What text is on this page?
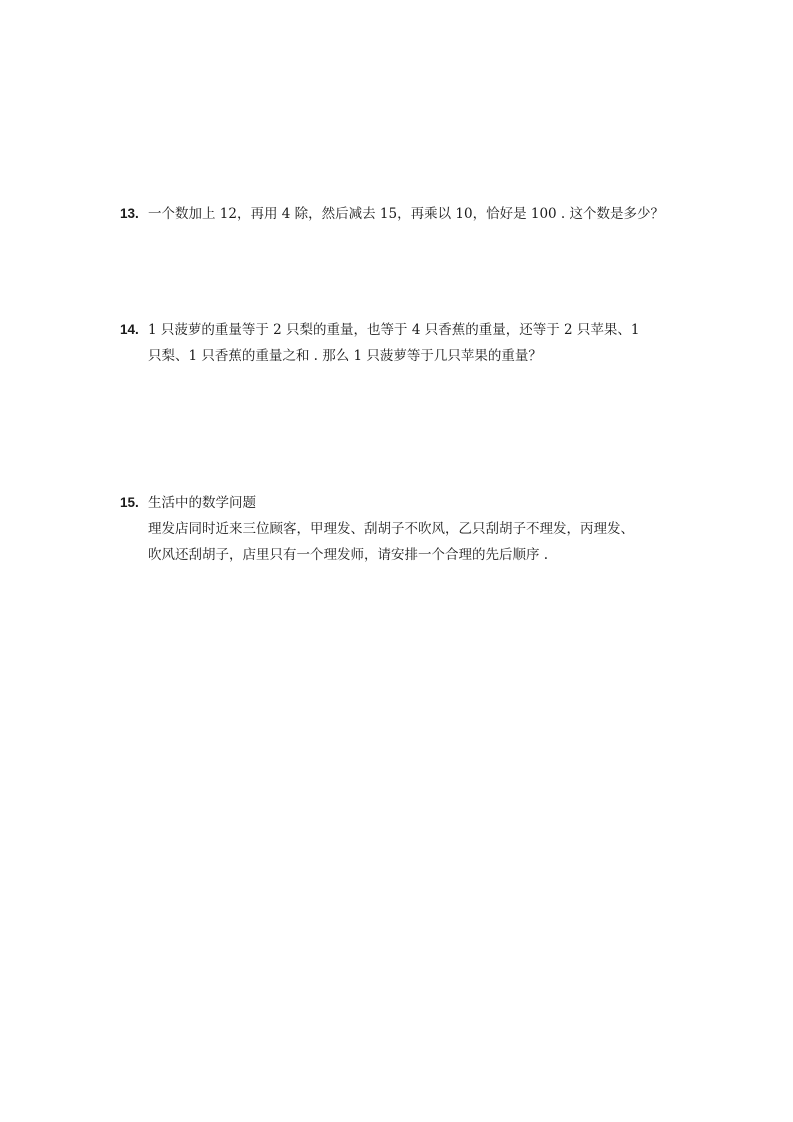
13. 一个数加上 12，再用 4 除，然后减去 15，再乘以 10，恰好是 100 . 这个数是多少？
14. 1 只菠萝的重量等于 2 只梨的重量，也等于 4 只香蕉的重量，还等于 2 只苹果、1
只梨、1 只香蕉的重量之和 . 那么 1 只菠萝等于几只苹果的重量？
15. 生活中的数学问题
理发店同时近来三位顾客，甲理发、刮胡子不吹风，乙只刮胡子不理发，丙理发、
吹风还刮胡子，店里只有一个理发师，请安排一个合理的先后顺序 .
